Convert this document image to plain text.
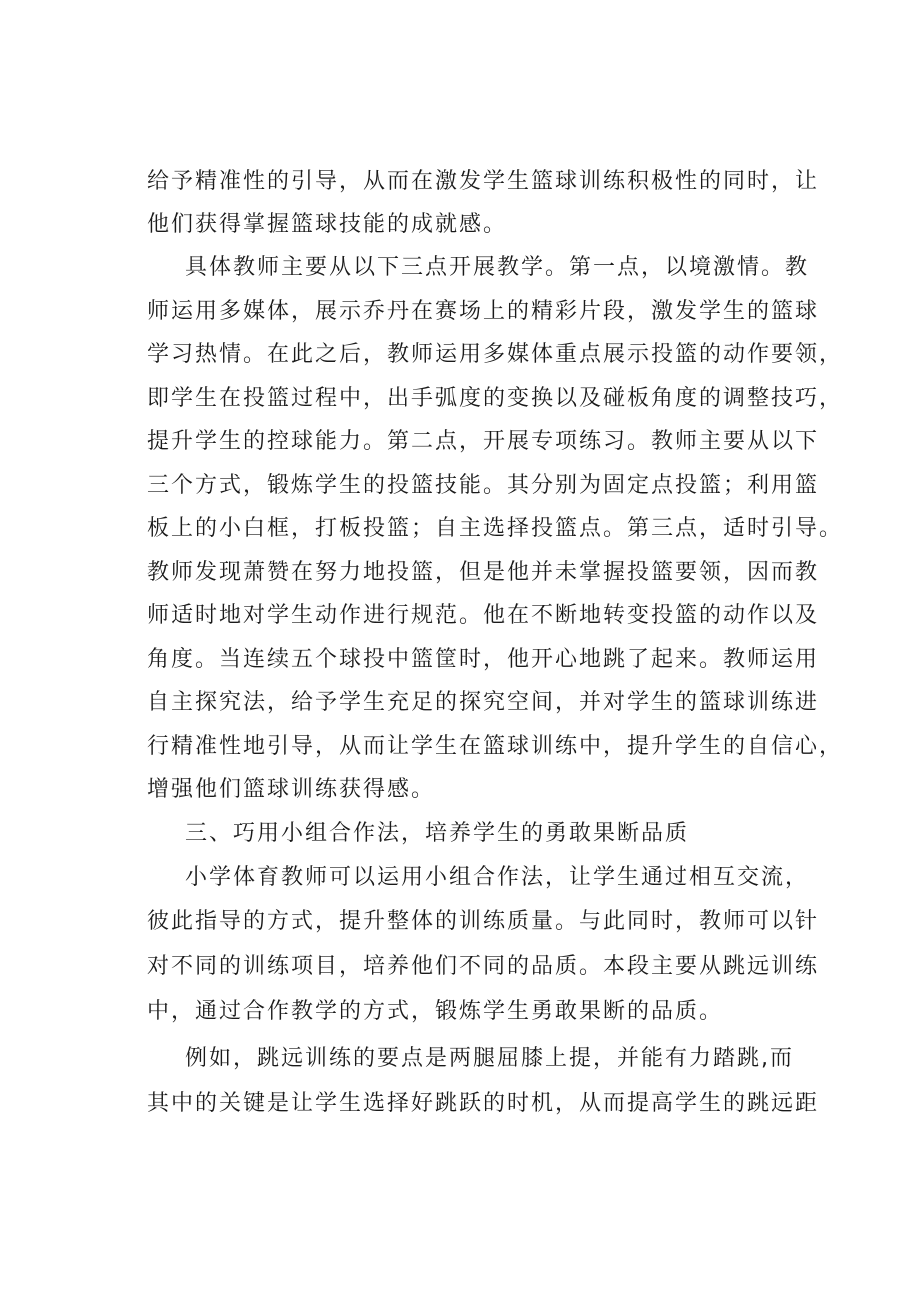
给予精准性的引导，从而在激发学生篮球训练积极性的同时，让
他们获得掌握篮球技能的成就感。
具体教师主要从以下三点开展教学。第一点，以境激情。教
师运用多媒体，展示乔丹在赛场上的精彩片段，激发学生的篮球
学习热情。在此之后，教师运用多媒体重点展示投篮的动作要领，
即学生在投篮过程中，出手弧度的变换以及碰板角度的调整技巧，
提升学生的控球能力。第二点，开展专项练习。教师主要从以下
三个方式，锻炼学生的投篮技能。其分别为固定点投篮；利用篮
板上的小白框，打板投篮；自主选择投篮点。第三点，适时引导。
教师发现萧赞在努力地投篮，但是他并未掌握投篮要领，因而教
师适时地对学生动作进行规范。他在不断地转变投篮的动作以及
角度。当连续五个球投中篮筐时，他开心地跳了起来。教师运用
自主探究法，给予学生充足的探究空间，并对学生的篮球训练进
行精准性地引导，从而让学生在篮球训练中，提升学生的自信心，
增强他们篮球训练获得感。
三、巧用小组合作法，培养学生的勇敢果断品质
小学体育教师可以运用小组合作法，让学生通过相互交流，
彼此指导的方式，提升整体的训练质量。与此同时，教师可以针
对不同的训练项目，培养他们不同的品质。本段主要从跳远训练
中，通过合作教学的方式，锻炼学生勇敢果断的品质。
例如，跳远训练的要点是两腿屈膝上提，并能有力踏跳,而
其中的关键是让学生选择好跳跃的时机，从而提高学生的跳远距
